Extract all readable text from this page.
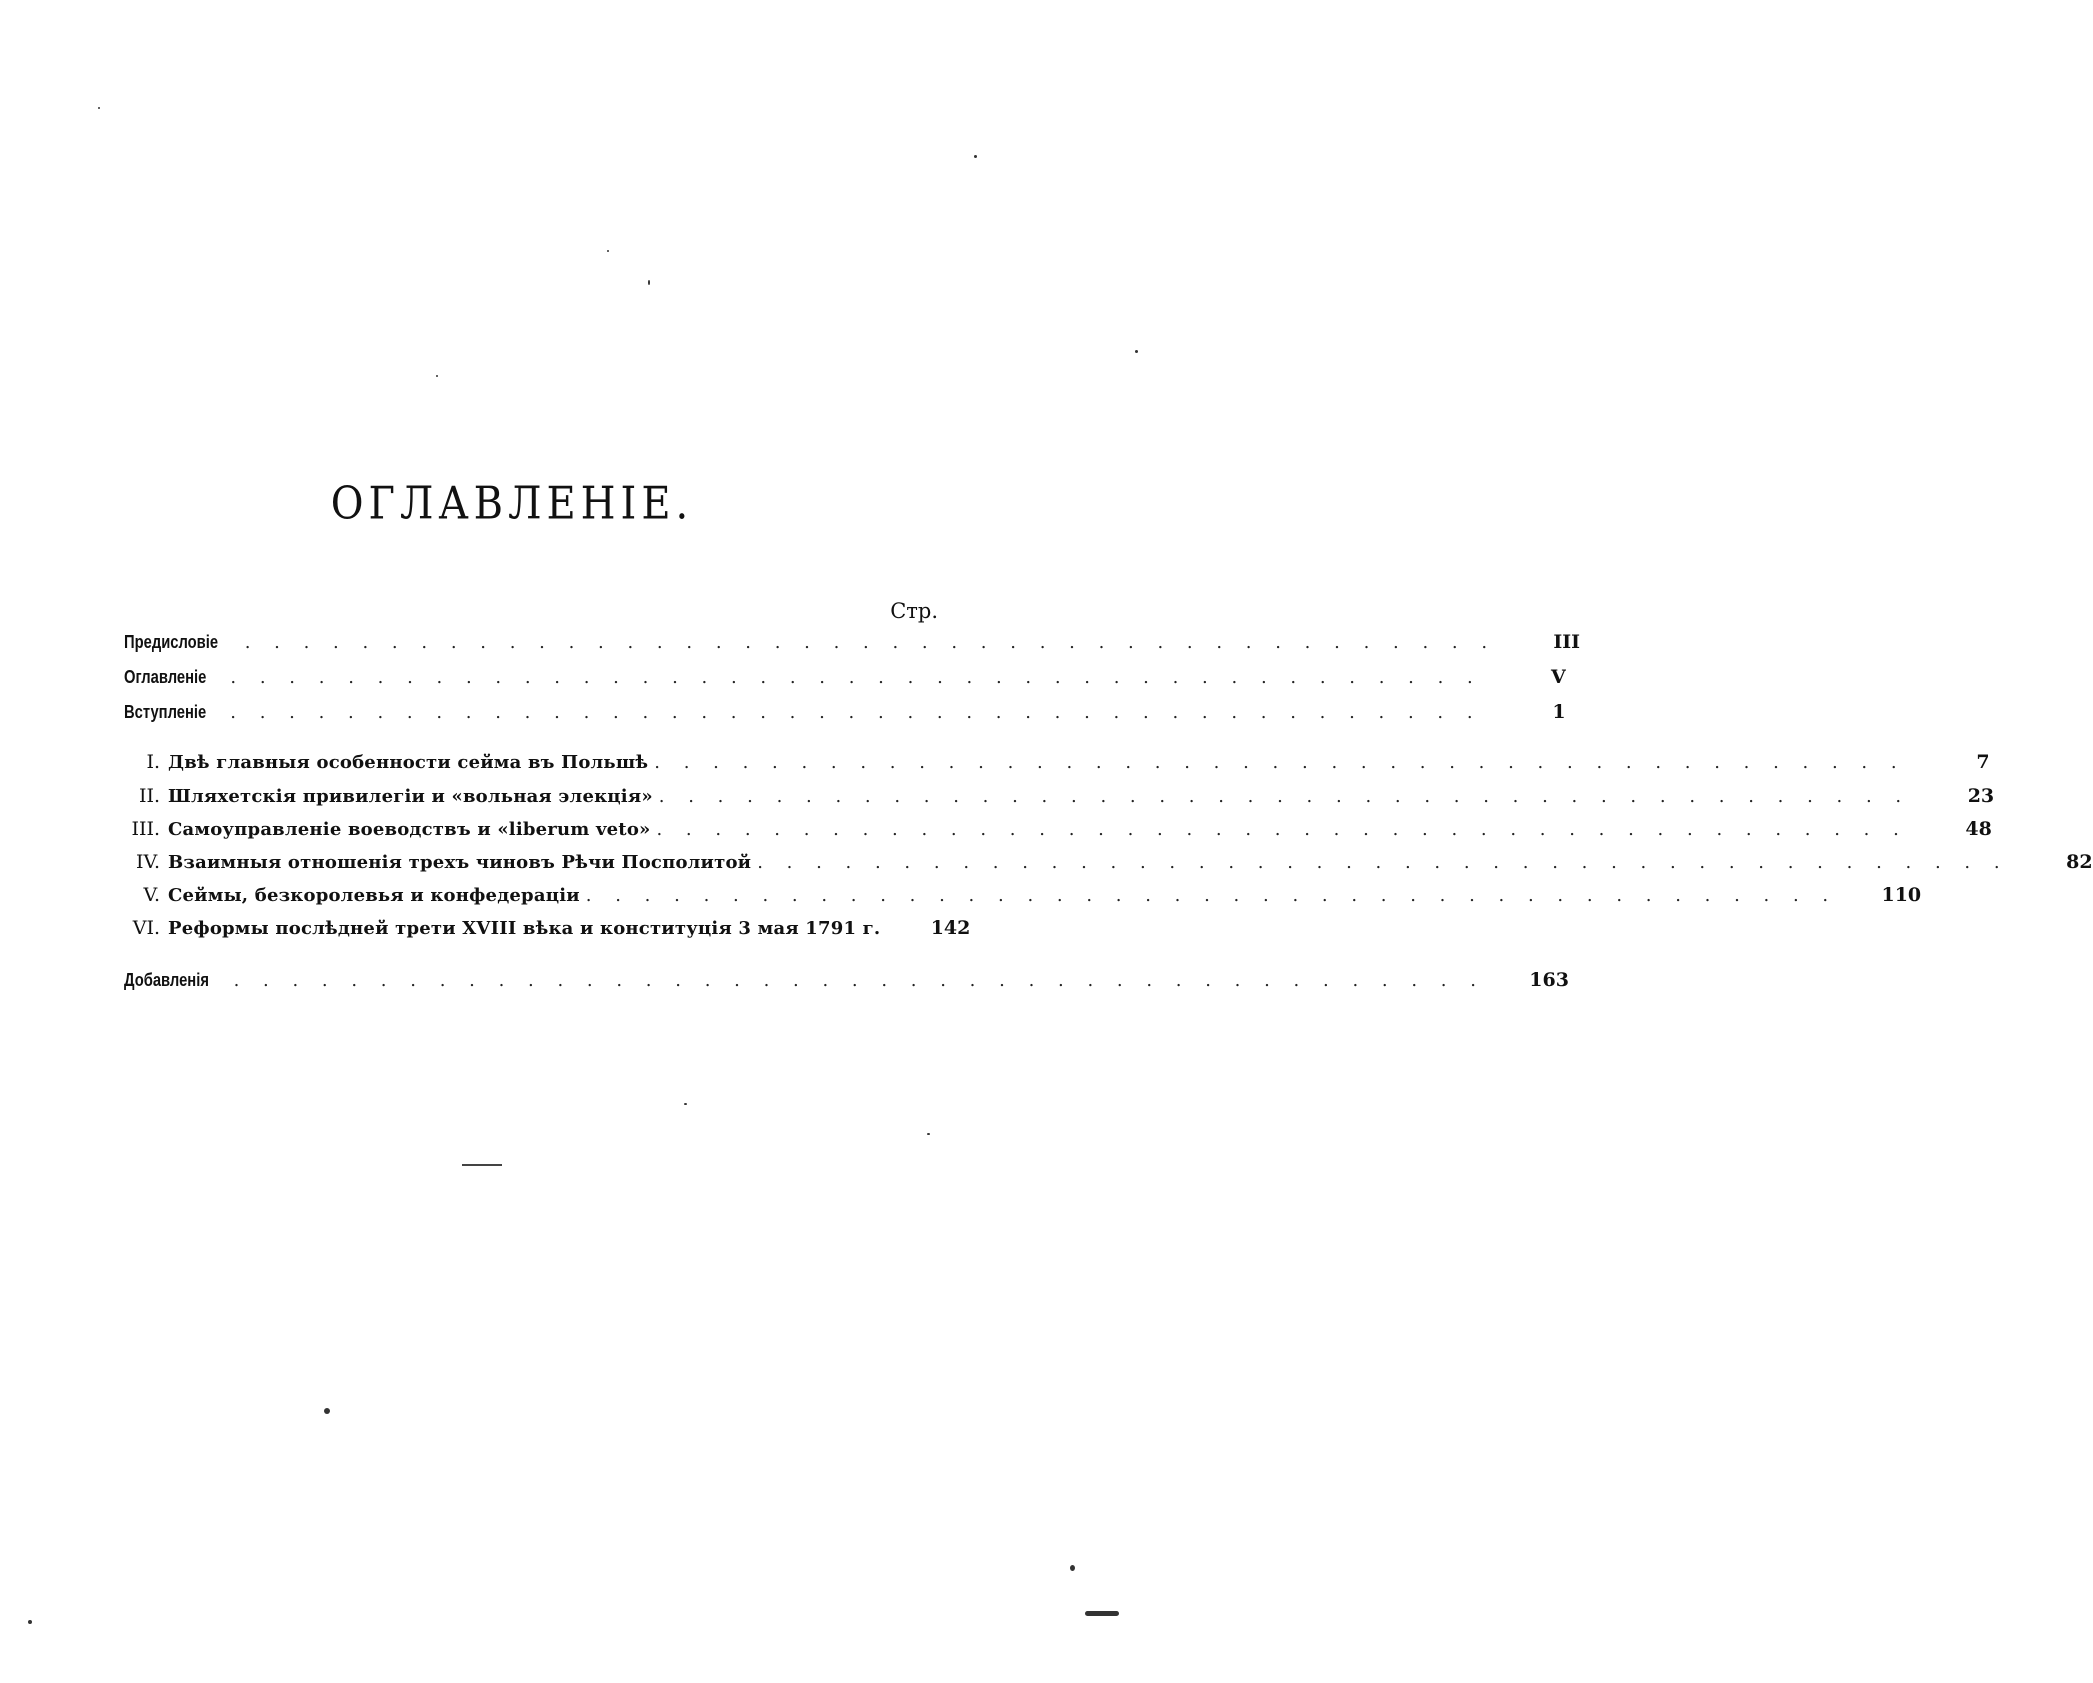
ОГЛАВЛЕНІЕ.
Стр.
Предисловіе	. . . . . . . . . . . . . . . . . . . . . . . . . . . . . . . . . . . . . . . . . . .	III
Оглавленіе	. . . . . . . . . . . . . . . . . . . . . . . . . . . . . . . . . . . . . . . . . . .	V
Вступленіе	. . . . . . . . . . . . . . . . . . . . . . . . . . . . . . . . . . . . . . . . . . .	1
I. Двѣ главныя особенности сейма въ Польшѣ . . . . . . . . . . . . . . . . . . . . . . . . . . . . . . . . . . . . . . . . . . .	7
II. Шляхетскія привилегіи и «вольная элекція» . . . . . . . . . . . . . . . . . . . . . . . . . . . . . . . . . . . . . . . . . . .	23
III. Самоуправленіе воеводствъ и «liberum veto» . . . . . . . . . . . . . . . . . . . . . . . . . . . . . . . . . . . . . . . . . . .	48
IV. Взаимныя отношенія трехъ чиновъ Рѣчи Посполитой . . . . . . . . . . . . . . . . . . . . . . . . . . . . . . . . . . . . . . . . . . .	82
V. Сеймы, безкоролевья и конфедераціи . . . . . . . . . . . . . . . . . . . . . . . . . . . . . . . . . . . . . . . . . . .	110
VI. Реформы послѣдней трети XVIII вѣка и конституція 3 мая 1791 г.	142
Добавленія	. . . . . . . . . . . . . . . . . . . . . . . . . . . . . . . . . . . . . . . . . . .	163
